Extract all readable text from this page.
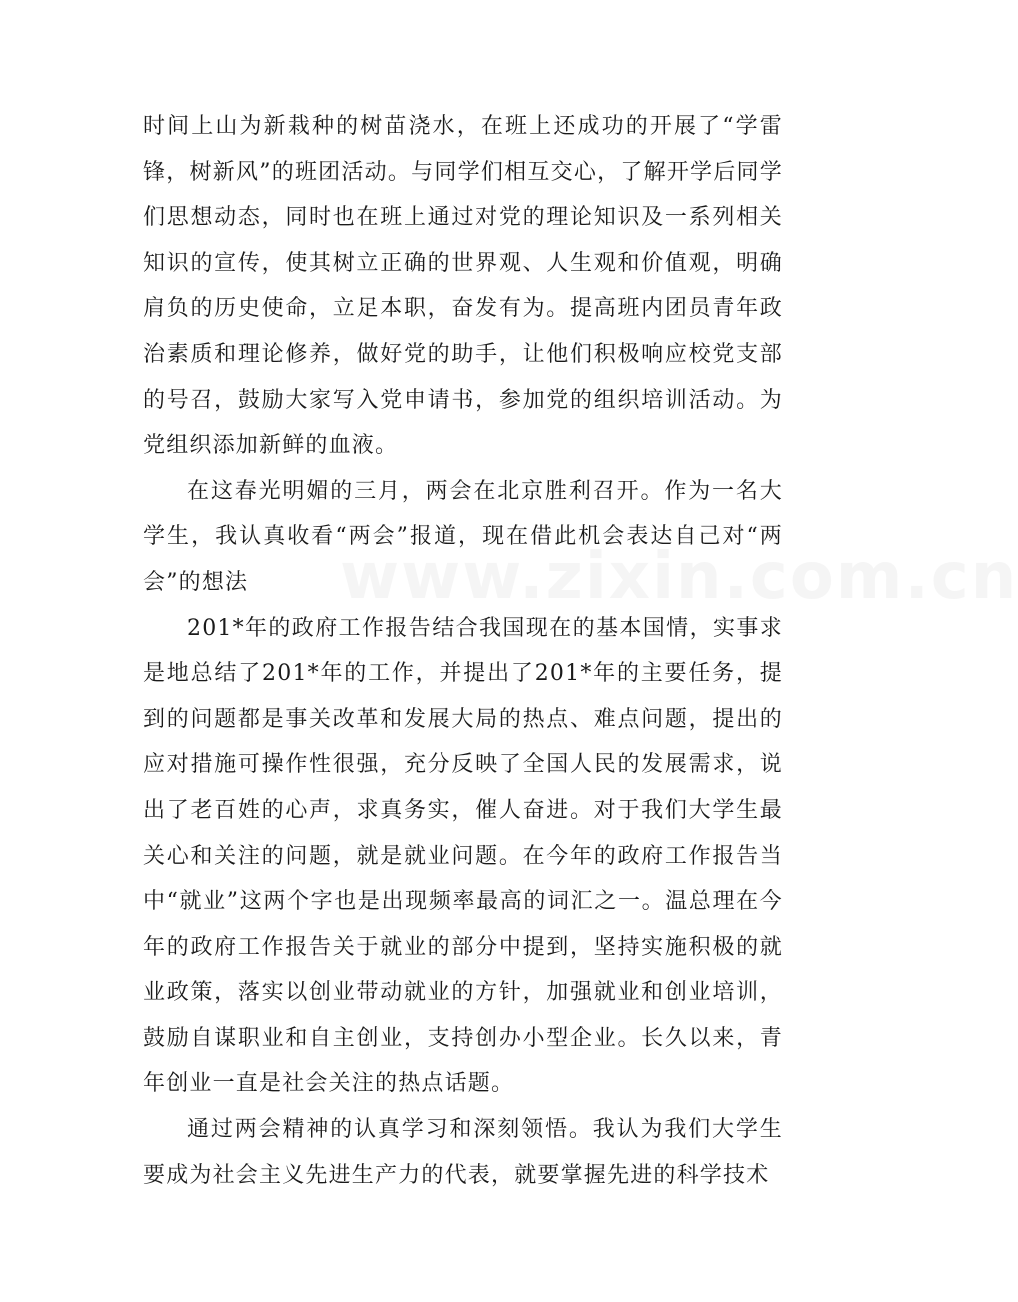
时间上山为新栽种的树苗浇水，在班上还成功的开展了“学雷锋，树新风”的班团活动。与同学们相互交心，了解开学后同学们思想动态，同时也在班上通过对党的理论知识及一系列相关知识的宣传，使其树立正确的世界观、人生观和价值观，明确肩负的历史使命，立足本职，奋发有为。提高班内团员青年政治素质和理论修养，做好党的助手，让他们积极响应校党支部的号召，鼓励大家写入党申请书，参加党的组织培训活动。为党组织添加新鲜的血液。

在这春光明媚的三月，两会在北京胜利召开。作为一名大学生，我认真收看“两会”报道，现在借此机会表达自己对“两会”的想法

201*年的政府工作报告结合我国现在的基本国情，实事求是地总结了201*年的工作，并提出了201*年的主要任务，提到的问题都是事关改革和发展大局的热点、难点问题，提出的应对措施可操作性很强，充分反映了全国人民的发展需求，说出了老百姓的心声，求真务实，催人奋进。对于我们大学生最关心和关注的问题，就是就业问题。在今年的政府工作报告当中“就业”这两个字也是出现频率最高的词汇之一。温总理在今年的政府工作报告关于就业的部分中提到，坚持实施积极的就业政策，落实以创业带动就业的方针，加强就业和创业培训，鼓励自谋职业和自主创业，支持创办小型企业。长久以来，青年创业一直是社会关注的热点话题。

通过两会精神的认真学习和深刻领悟。我认为我们大学生要成为社会主义先进生产力的代表，就要掌握先进的科学技术

www.zixin.com.cn
